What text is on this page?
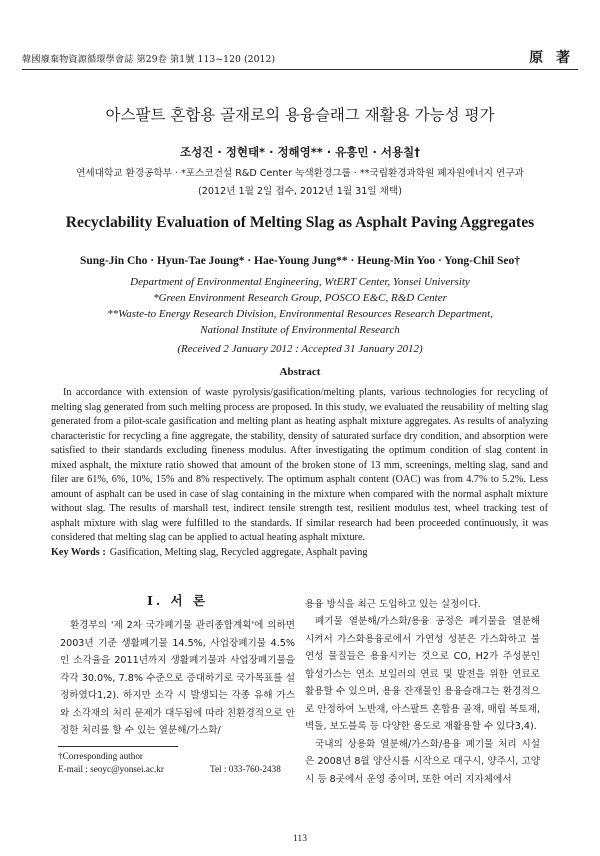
韓國廢棄物資源循環學會誌 第29卷 第1號 113~120 (2012)	原 著
아스팔트 혼합용 골재로의 용융슬래그 재활용 가능성 평가
조성진 · 정현태* · 정해영** · 유흥민 · 서용칠†
연세대학교 환경공학부 · *포스코건설 R&D Center 녹색환경그룹 · **국립환경과학원 폐자원에너지 연구과
(2012년 1월 2일 접수, 2012년 1월 31일 채택)
Recyclability Evaluation of Melting Slag as Asphalt Paving Aggregates
Sung-Jin Cho · Hyun-Tae Joung* · Hae-Young Jung** · Heung-Min Yoo · Yong-Chil Seo†
Department of Environmental Engineering, WtERT Center, Yonsei University
*Green Environment Research Group, POSCO E&C, R&D Center
**Waste-to Energy Research Division, Environmental Resources Research Department,
National Institute of Environmental Research
(Received 2 January 2012 : Accepted 31 January 2012)
Abstract
In accordance with extension of waste pyrolysis/gasification/melting plants, various technologies for recycling of melting slag generated from such melting process are proposed. In this study, we evaluated the reusability of melting slag generated from a pilot-scale gasification and melting plant as heating asphalt mixture aggregates. As results of analyzing characteristic for recycling a fine aggregate, the stability, density of saturated surface dry condition, and absorption were satisfied to their standards excluding fineness modulus. After investigating the optimum condition of slag content in mixed asphalt, the mixture ratio showed that amount of the broken stone of 13 mm, screenings, melting slag, sand and filer are 61%, 6%, 10%, 15% and 8% respectively. The optimum asphalt content (OAC) was from 4.7% to 5.2%. Less amount of asphalt can be used in case of slag containing in the mixture when compared with the normal asphalt mixture without slag. The results of marshall test, indirect tensile strength test, resilient modulus test, wheel tracking test of asphalt mixture with slag were fulfilled to the standards. If similar research had been proceeded continuously, it was considered that melting slag can be applied to actual heating asphalt mixture.
Key Words : Gasification, Melting slag, Recycled aggregate, Asphalt paving
I. 서 론

환경부의 '제 2차 국가폐기물 관리종합계획'에 의하면 2003년 기준 생활폐기물 14.5%, 사업장폐기물 4.5%인 소각율을 2011년까지 생활폐기물과 사업장폐기물을 각각 30.0%, 7.8% 수준으로 증대하기로 국가목표를 설정하였다1,2). 하지만 소각 시 발생되는 각종 유해 가스와 소각재의 처리 문제가 대두됨에 따라 친환경적으로 안정한 처리를 할 수 있는 열분해/가스화/

용융 방식을 최근 도입하고 있는 실정이다.

폐기물 열분해/가스화/용융 공정은 폐기물을 열분해 시켜서 가스화용융로에서 가연성 성분은 가스화하고 불연성 물질들은 용융시키는 것으로 CO, H2가 주성분인 합성가스는 연소 보일러의 연료 및 발전을 위한 연료로 활용할 수 있으며, 용융 잔재물인 용융슬래그는 환경적으로 안정하여 노반재, 아스팔트 혼합용 골재, 매립 복토재, 벽돌, 보도블록 등 다양한 용도로 재활용할 수 있다3,4).

국내의 상용화 열분해/가스화/용융 폐기물 처리 시설은 2008년 8월 양산시를 시작으로 대구시, 양주시, 고양시 등 8곳에서 운영 중이며, 또한 여러 지자체에서

†Corresponding author
E-mail : seoyc@yonsei.ac.kr	Tel : 033-760-2438
113
